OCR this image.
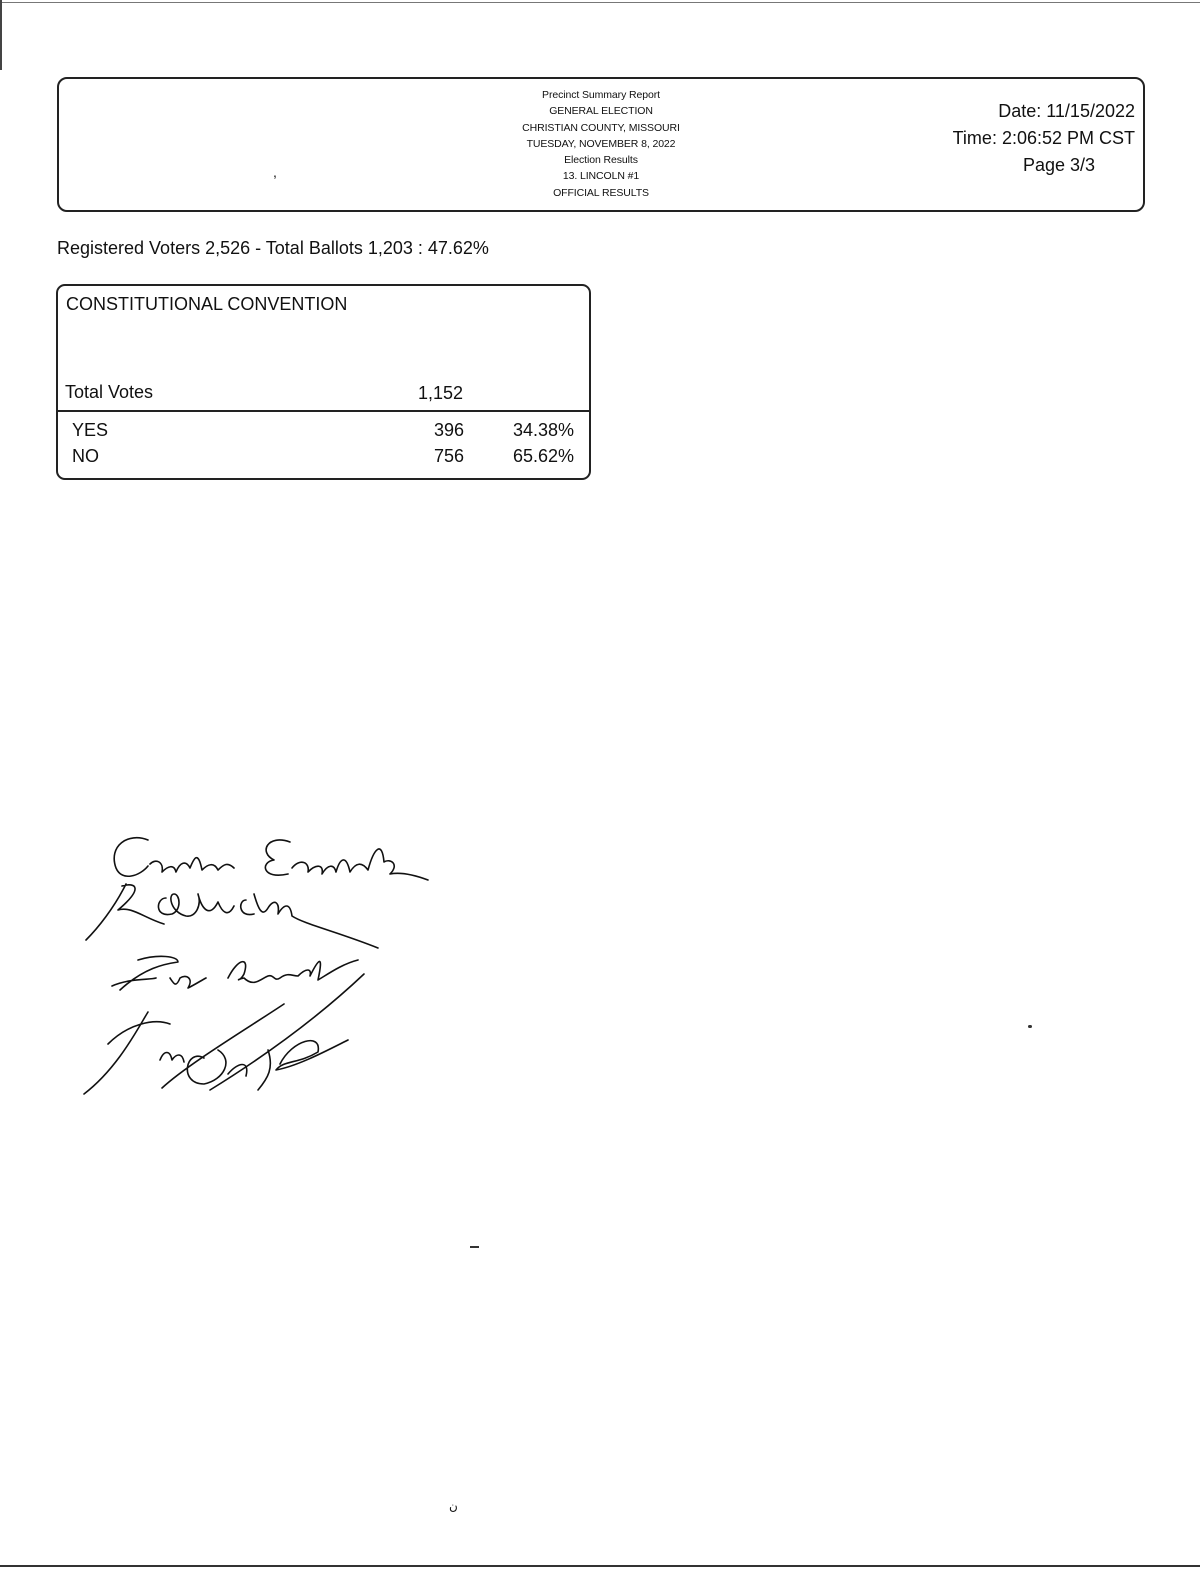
Precinct Summary Report
GENERAL ELECTION
CHRISTIAN COUNTY, MISSOURI
TUESDAY, NOVEMBER 8, 2022
Election Results
13. LINCOLN #1
OFFICIAL RESULTS
,
Date: 11/15/2022
Time: 2:06:52 PM CST
Page 3/3
Registered Voters 2,526 - Total Ballots 1,203 : 47.62%
CONSTITUTIONAL CONVENTION
Total Votes	1,152
YES	396	34.38%
NO	756	65.62%
ن
